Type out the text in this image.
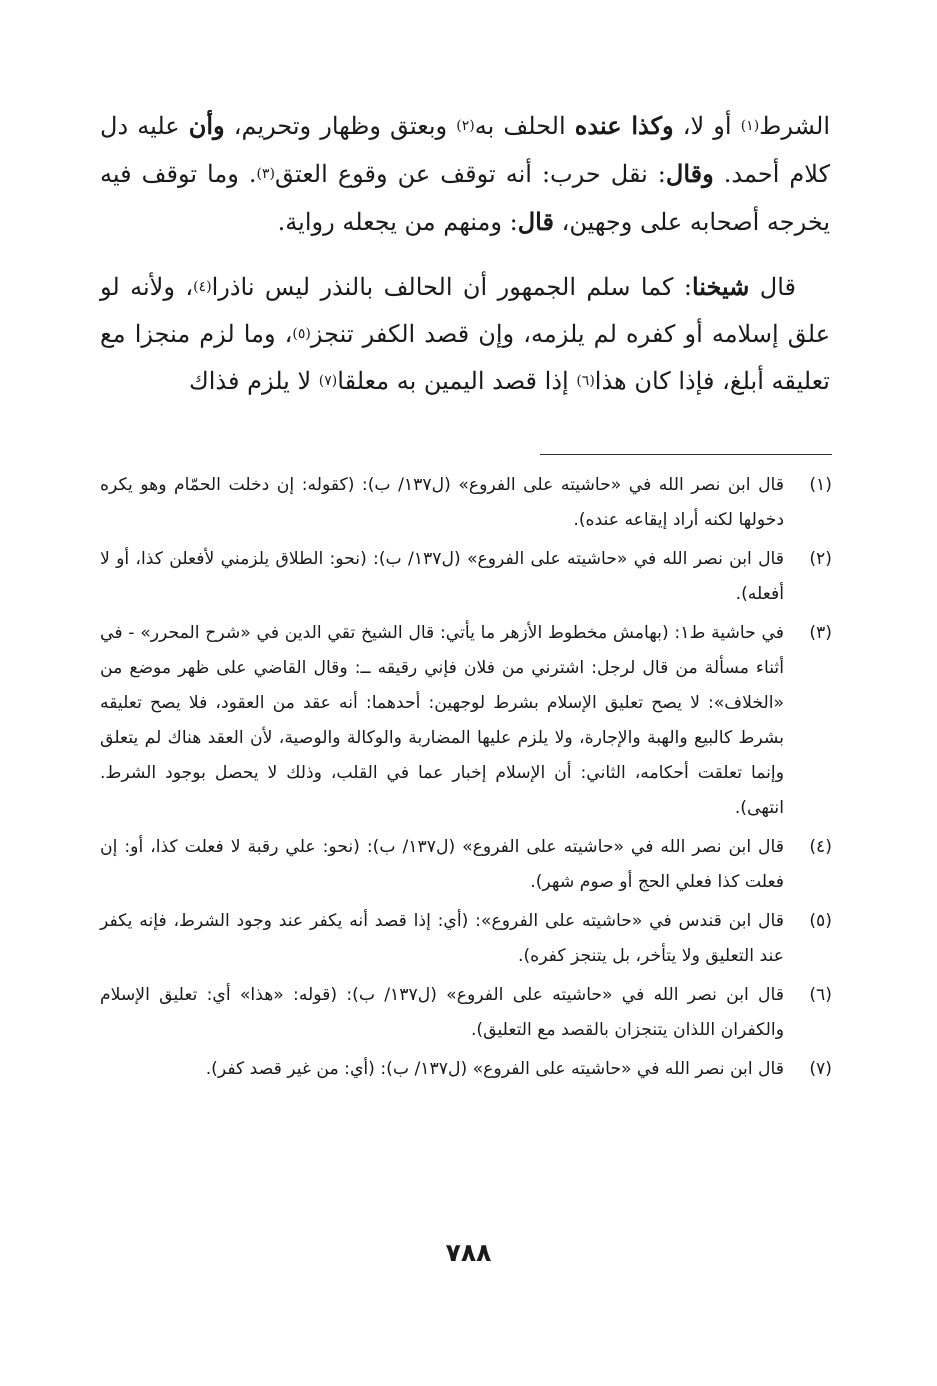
الشرط$^{(١)}$ أو لا، وكذا عنده الحلف به$^{(٢)}$ وبعتق وظهار وتحريم، وأن عليه دل كلام أحمد. وقال: نقل حرب: أنه توقف عن وقوع العتق$^{(٣)}$. وما توقف فيه يخرجه أصحابه على وجهين، قال: ومنهم من يجعله رواية.

قال شيخنا: كما سلم الجمهور أن الحالف بالنذر ليس ناذرا$^{(٤)}$، ولأنه لو علق إسلامه أو كفره لم يلزمه، وإن قصد الكفر تنجز$^{(٥)}$، وما لزم منجزا مع تعليقه أبلغ، فإذا كان هذا$^{(٦)}$ إذا قصد اليمين به معلقا$^{(٧)}$ لا يلزم فذاك

(١)
قال ابن نصر الله في «حاشيته على الفروع» (ل١٣٧/ ب): (كقوله: إن دخلت الحمّام وهو يكره دخولها لكنه أراد إيقاعه عنده).
(٢)
قال ابن نصر الله في «حاشيته على الفروع» (ل١٣٧/ ب): (نحو: الطلاق يلزمني لأفعلن كذا، أو لا أفعله).
(٣)
في حاشية ط١: (بهامش مخطوط الأزهر ما يأتي: قال الشيخ تقي الدين في «شرح المحرر» - في أثناء مسألة من قال لرجل: اشترني من فلان فإني رقيقه ــ: وقال القاضي على ظهر موضع من «الخلاف»: لا يصح تعليق الإسلام بشرط لوجهين: أحدهما: أنه عقد من العقود، فلا يصح تعليقه بشرط كالبيع والهبة والإجارة، ولا يلزم عليها المضاربة والوكالة والوصية، لأن العقد هناك لم يتعلق وإنما تعلقت أحكامه، الثاني: أن الإسلام إخبار عما في القلب، وذلك لا يحصل بوجود الشرط. انتهى).
(٤)
قال ابن نصر الله في «حاشيته على الفروع» (ل١٣٧/ ب): (نحو: علي رقبة لا فعلت كذا، أو: إن فعلت كذا فعلي الحج أو صوم شهر).
(٥)
قال ابن قندس في «حاشيته على الفروع»: (أي: إذا قصد أنه يكفر عند وجود الشرط، فإنه يكفر عند التعليق ولا يتأخر، بل يتنجز كفره).
(٦)
قال ابن نصر الله في «حاشيته على الفروع» (ل١٣٧/ ب): (قوله: «هذا» أي: تعليق الإسلام والكفران اللذان يتنجزان بالقصد مع التعليق).
(٧)
قال ابن نصر الله في «حاشيته على الفروع» (ل١٣٧/ ب): (أي: من غير قصد كفر).
٧٨٨
